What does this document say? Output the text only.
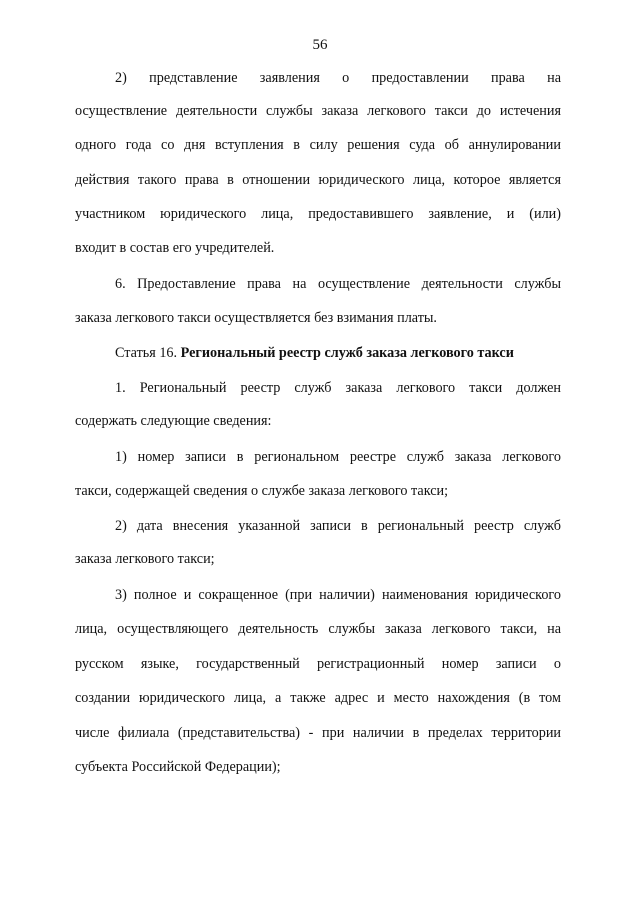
56
2) представление заявления о предоставлении права на
осуществление деятельности службы заказа легкового такси до истечения
одного года со дня вступления в силу решения суда об аннулировании
действия такого права в отношении юридического лица, которое является
участником юридического лица, предоставившего заявление, и (или)
входит в состав его учредителей.
6. Предоставление права на осуществление деятельности службы
заказа легкового такси осуществляется без взимания платы.
Статья 16. Региональный реестр служб заказа легкового такси
1. Региональный реестр служб заказа легкового такси должен
содержать следующие сведения:
1) номер записи в региональном реестре служб заказа легкового
такси, содержащей сведения о службе заказа легкового такси;
2) дата внесения указанной записи в региональный реестр служб
заказа легкового такси;
3) полное и сокращенное (при наличии) наименования юридического
лица, осуществляющего деятельность службы заказа легкового такси, на
русском языке, государственный регистрационный номер записи о
создании юридического лица, а также адрес и место нахождения (в том
числе филиала (представительства) - при наличии в пределах территории
субъекта Российской Федерации);
